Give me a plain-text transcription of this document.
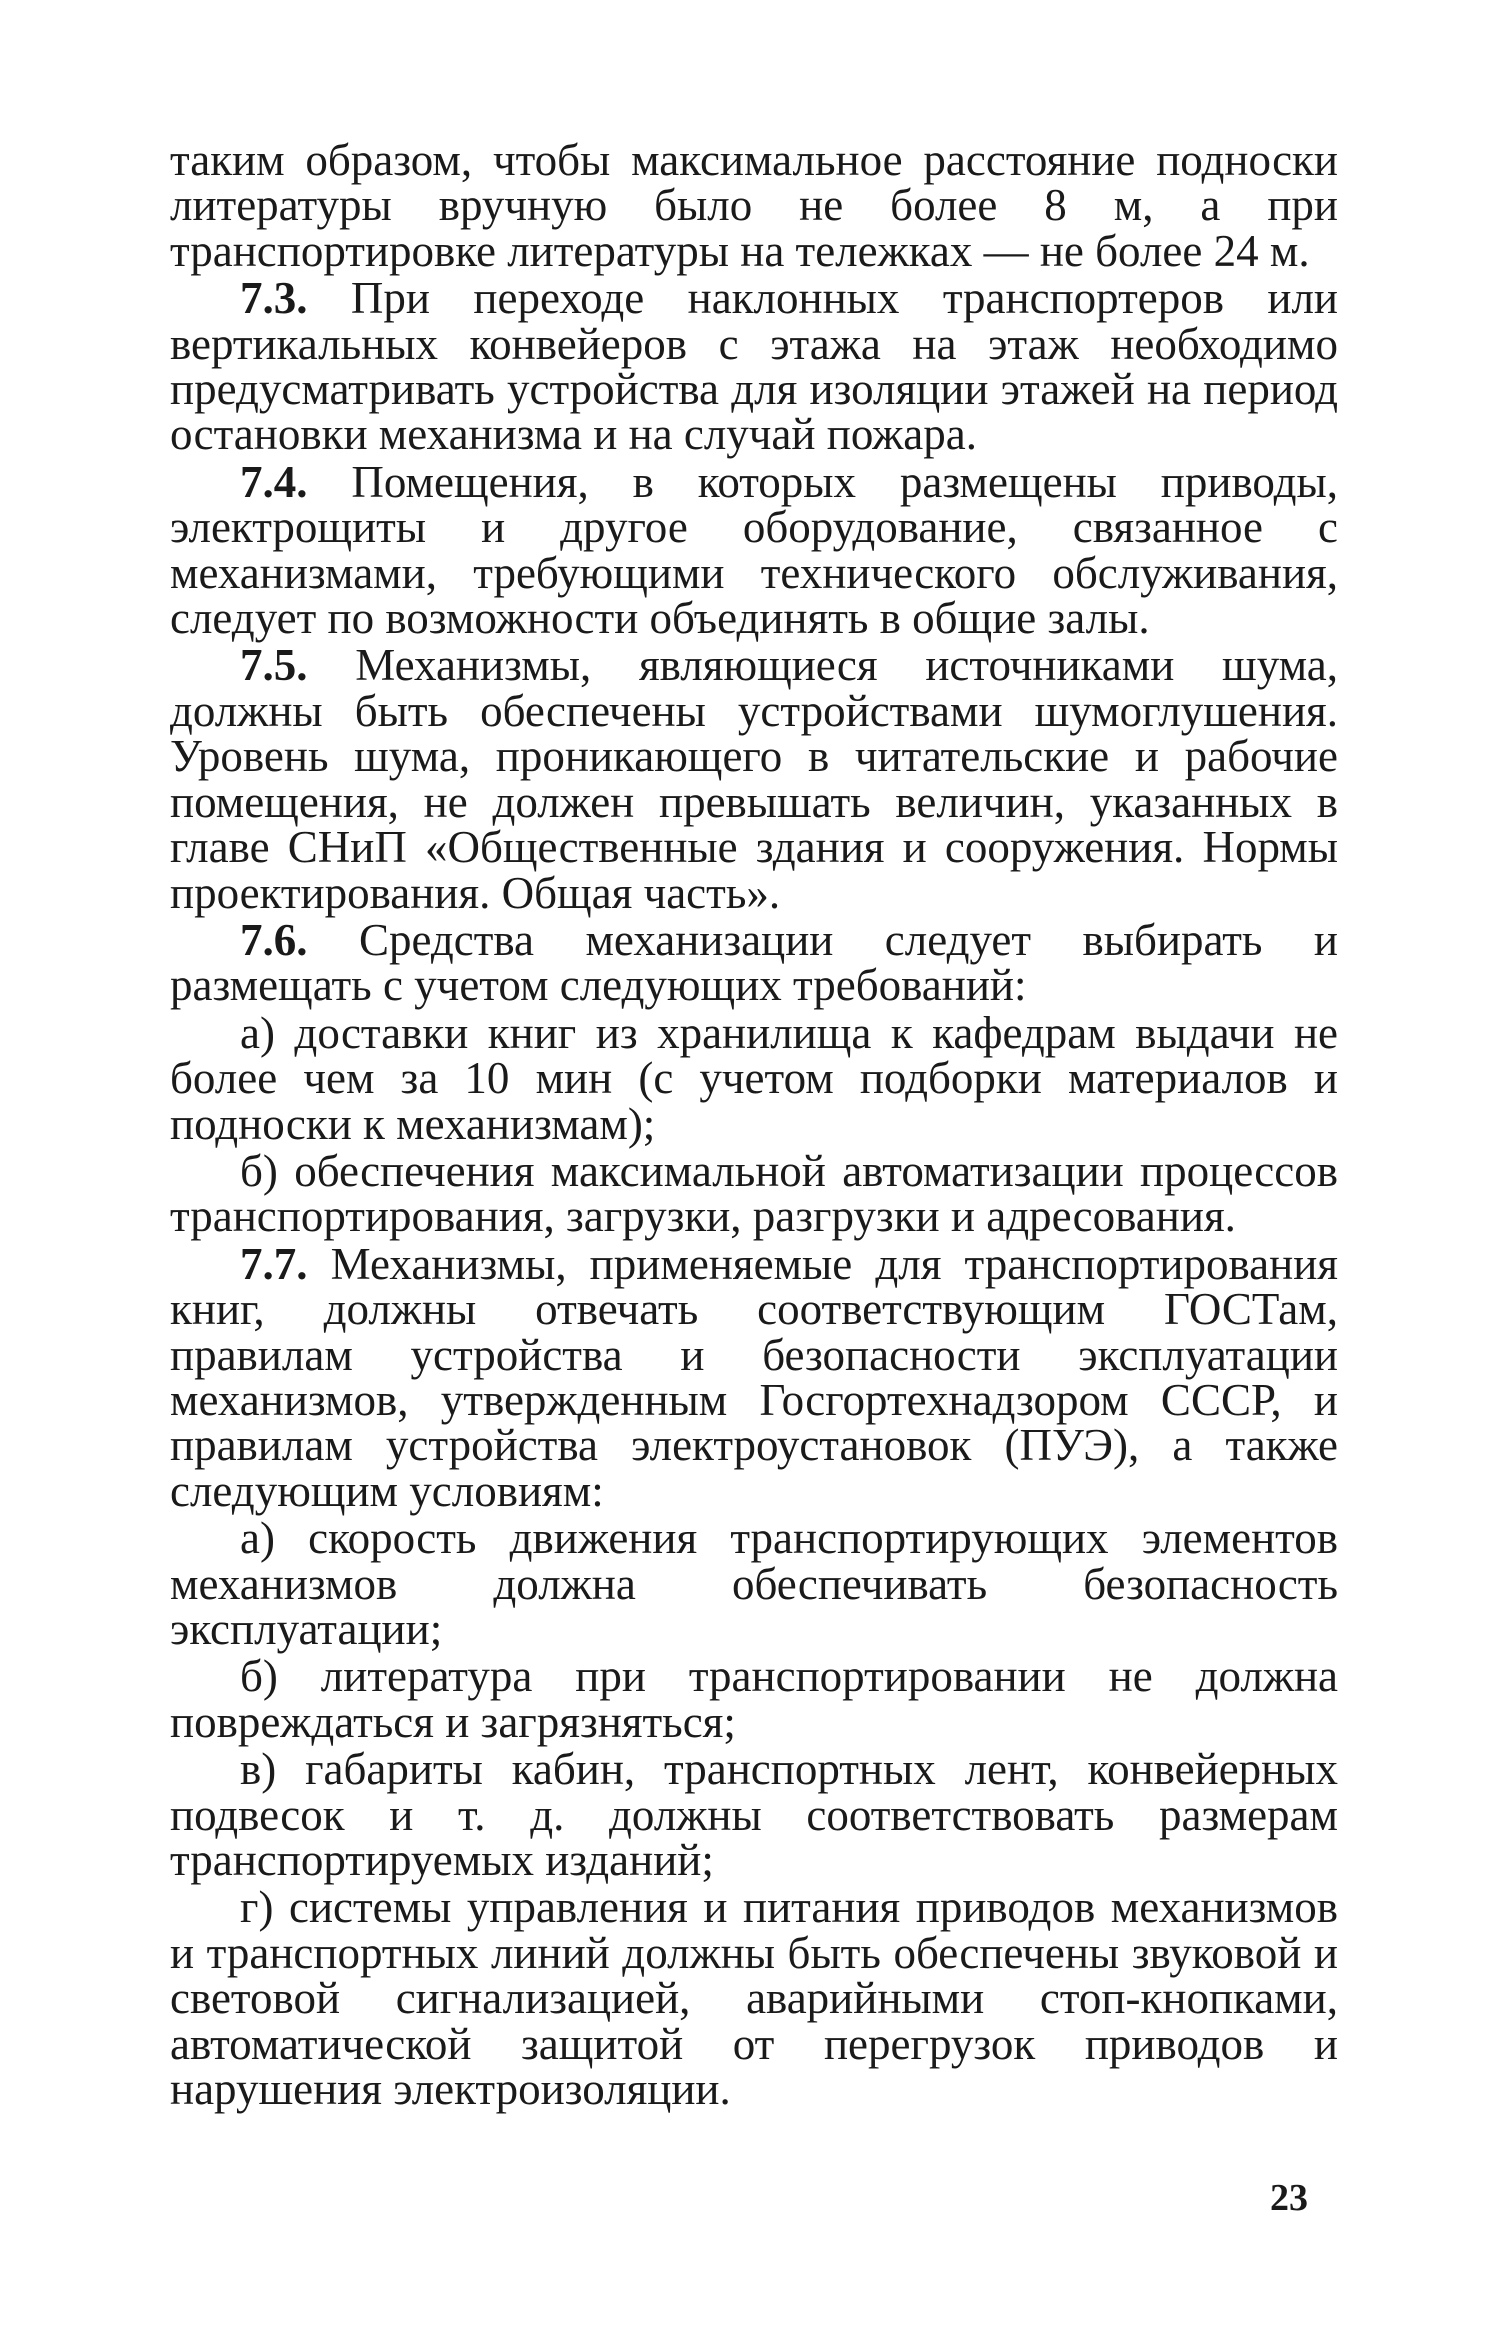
таким образом, чтобы максимальное расстояние подноски литературы вручную было не более 8 м, а при транспортировке литературы на тележках — не более 24 м.

7.3. При переходе наклонных транспортеров или вертикальных конвейеров с этажа на этаж необходимо предусматривать устройства для изоляции этажей на период остановки механизма и на случай пожара.

7.4. Помещения, в которых размещены приводы, электрощиты и другое оборудование, связанное с механизмами, требующими технического обслуживания, следует по возможности объединять в общие залы.

7.5. Механизмы, являющиеся источниками шума, должны быть обеспечены устройствами шумоглушения. Уровень шума, проникающего в читательские и рабочие помещения, не должен превышать величин, указанных в главе СНиП «Общественные здания и сооружения. Нормы проектирования. Общая часть».

7.6. Средства механизации следует выбирать и размещать с учетом следующих требований:

а) доставки книг из хранилища к кафедрам выдачи не более чем за 10 мин (с учетом подборки материалов и подноски к механизмам);

б) обеспечения максимальной автоматизации процессов транспортирования, загрузки, разгрузки и адресования.

7.7. Механизмы, применяемые для транспортирования книг, должны отвечать соответствующим ГОСТам, правилам устройства и безопасности эксплуатации механизмов, утвержденным Госгортехнадзором СССР, и правилам устройства электроустановок (ПУЭ), а также следующим условиям:

а) скорость движения транспортирующих элементов механизмов должна обеспечивать безопасность эксплуатации;

б) литература при транспортировании не должна повреждаться и загрязняться;

в) габариты кабин, транспортных лент, конвейерных подвесок и т. д. должны соответствовать размерам транспортируемых изданий;

г) системы управления и питания приводов механизмов и транспортных линий должны быть обеспечены звуковой и световой сигнализацией, аварийными стоп-кнопками, автоматической защитой от перегрузок приводов и нарушения электроизоляции.

23
